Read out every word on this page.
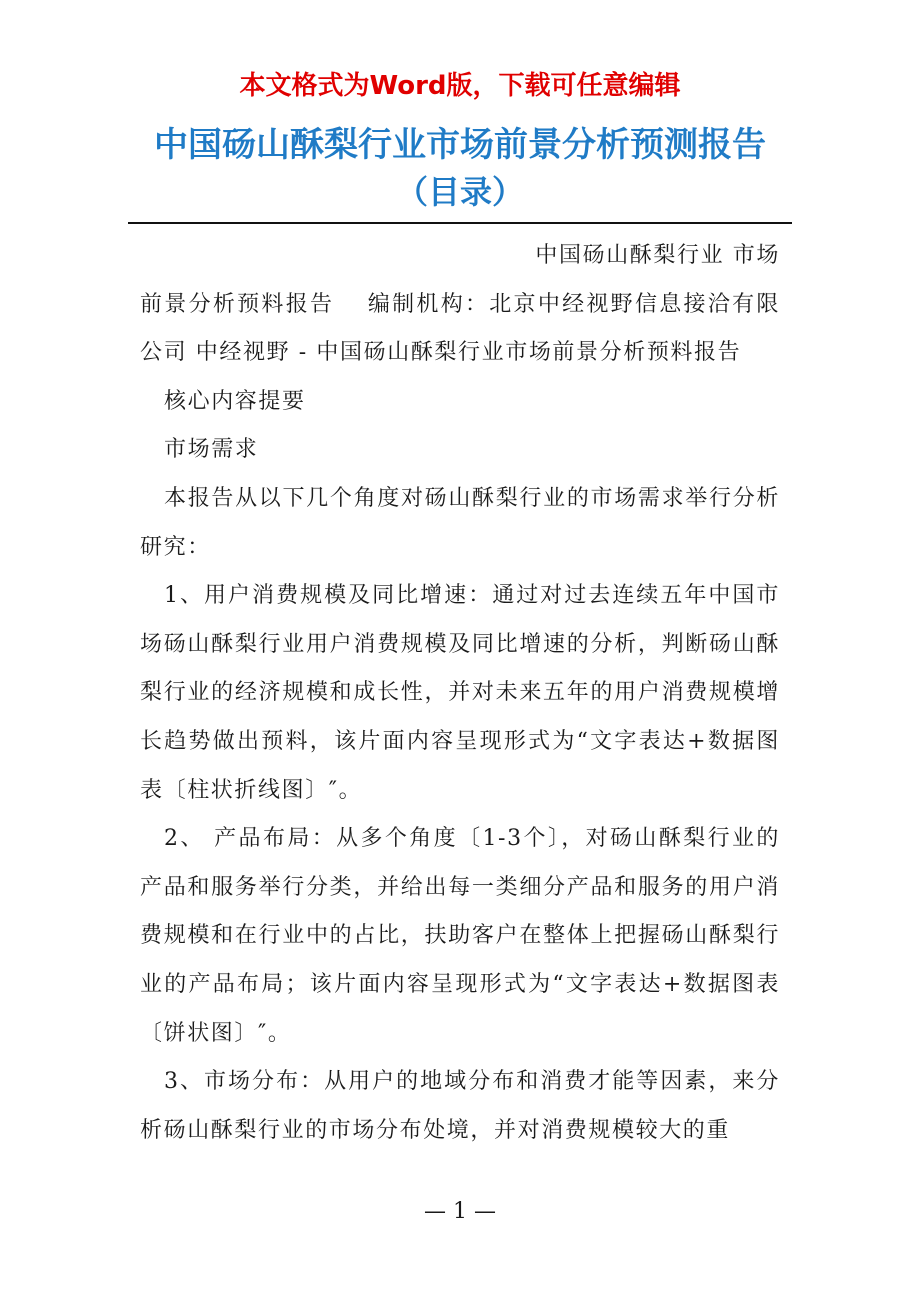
本文格式为Word版，下载可任意编辑
中国砀山酥梨行业市场前景分析预测报告
（目录）

中国砀山酥梨行业 市场
前景分析预料报告　 编制机构：北京中经视野信息接洽有限公司 中经视野 - 中国砀山酥梨行业市场前景分析预料报告

核心内容提要

市场需求

本报告从以下几个角度对砀山酥梨行业的市场需求举行分析研究：

1、用户消费规模及同比增速：通过对过去连续五年中国市场砀山酥梨行业用户消费规模及同比增速的分析，判断砀山酥梨行业的经济规模和成长性，并对未来五年的用户消费规模增长趋势做出预料，该片面内容呈现形式为“文字表达+数据图表〔柱状折线图〕″。

2、 产品布局：从多个角度〔1-3个〕，对砀山酥梨行业的产品和服务举行分类，并给出每一类细分产品和服务的用户消费规模和在行业中的占比，扶助客户在整体上把握砀山酥梨行业的产品布局；该片面内容呈现形式为“文字表达+数据图表〔饼状图〕″。

3、市场分布：从用户的地域分布和消费才能等因素，来分析砀山酥梨行业的市场分布处境，并对消费规模较大的重

— 1 —
